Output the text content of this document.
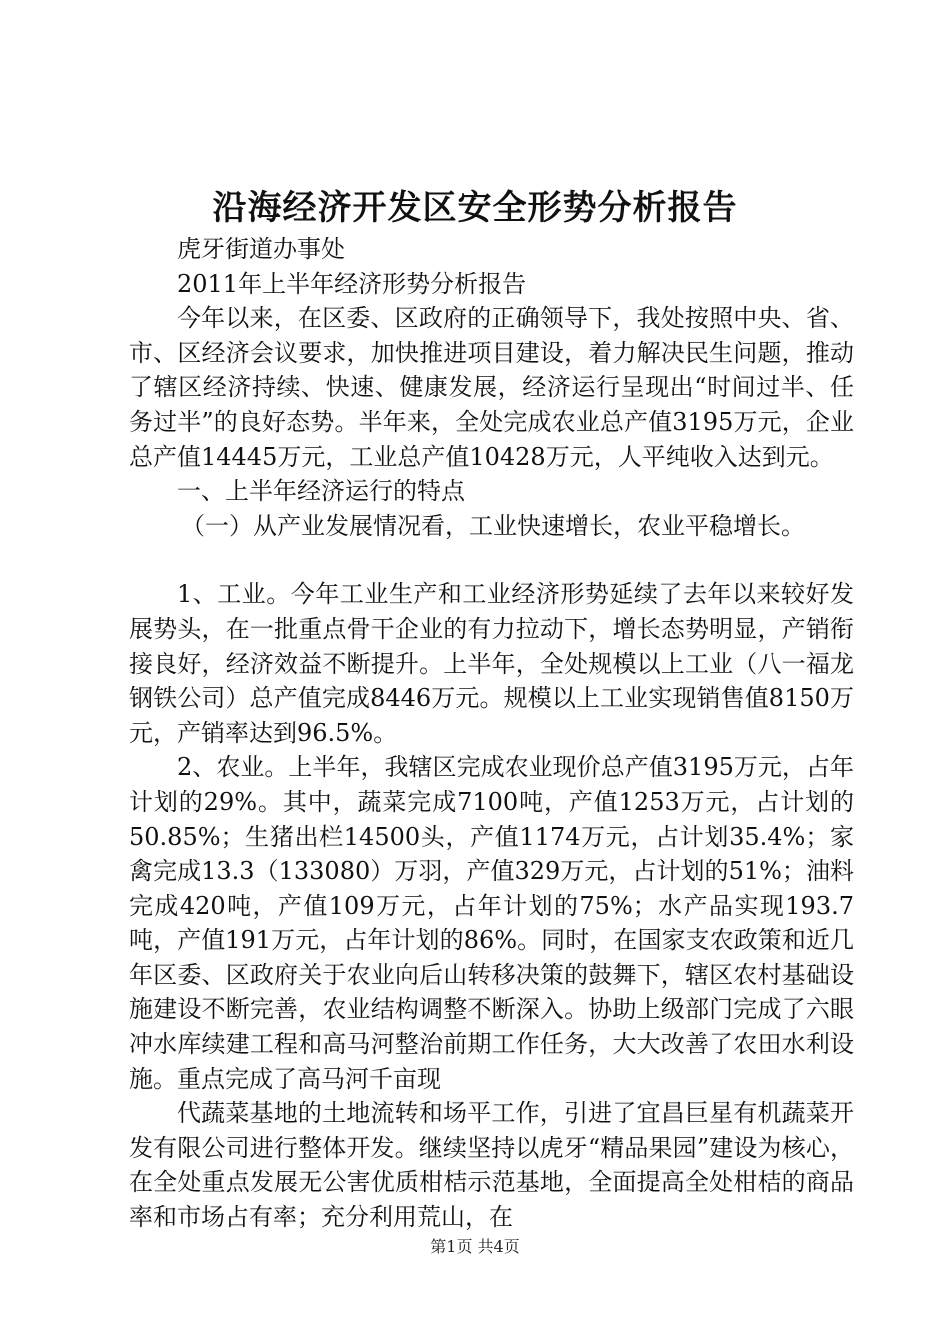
沿海经济开发区安全形势分析报告

虎牙街道办事处

2011年上半年经济形势分析报告

今年以来，在区委、区政府的正确领导下，我处按照中央、省、市、区经济会议要求，加快推进项目建设，着力解决民生问题，推动了辖区经济持续、快速、健康发展，经济运行呈现出“时间过半、任务过半”的良好态势。半年来，全处完成农业总产值3195万元，企业总产值14445万元，工业总产值10428万元，人平纯收入达到元。

一、上半年经济运行的特点

（一）从产业发展情况看，工业快速增长，农业平稳增长。

1、工业。今年工业生产和工业经济形势延续了去年以来较好发展势头，在一批重点骨干企业的有力拉动下，增长态势明显，产销衔接良好，经济效益不断提升。上半年，全处规模以上工业（八一福龙钢铁公司）总产值完成8446万元。规模以上工业实现销售值8150万元，产销率达到96.5%。

2、农业。上半年，我辖区完成农业现价总产值3195万元，占年计划的29%。其中，蔬菜完成7100吨，产值1253万元，占计划的50.85%；生猪出栏14500头，产值1174万元，占计划35.4%；家禽完成13.3（133080）万羽，产值329万元，占计划的51%；油料完成420吨，产值109万元，占年计划的75%；水产品实现193.7吨，产值191万元，占年计划的86%。同时，在国家支农政策和近几年区委、区政府关于农业向后山转移决策的鼓舞下，辖区农村基础设施建设不断完善，农业结构调整不断深入。协助上级部门完成了六眼冲水库续建工程和高马河整治前期工作任务，大大改善了农田水利设施。重点完成了高马河千亩现

代蔬菜基地的土地流转和场平工作，引进了宜昌巨星有机蔬菜开发有限公司进行整体开发。继续坚持以虎牙“精品果园”建设为核心，在全处重点发展无公害优质柑桔示范基地，全面提高全处柑桔的商品率和市场占有率；充分利用荒山，在

第1页 共4页
